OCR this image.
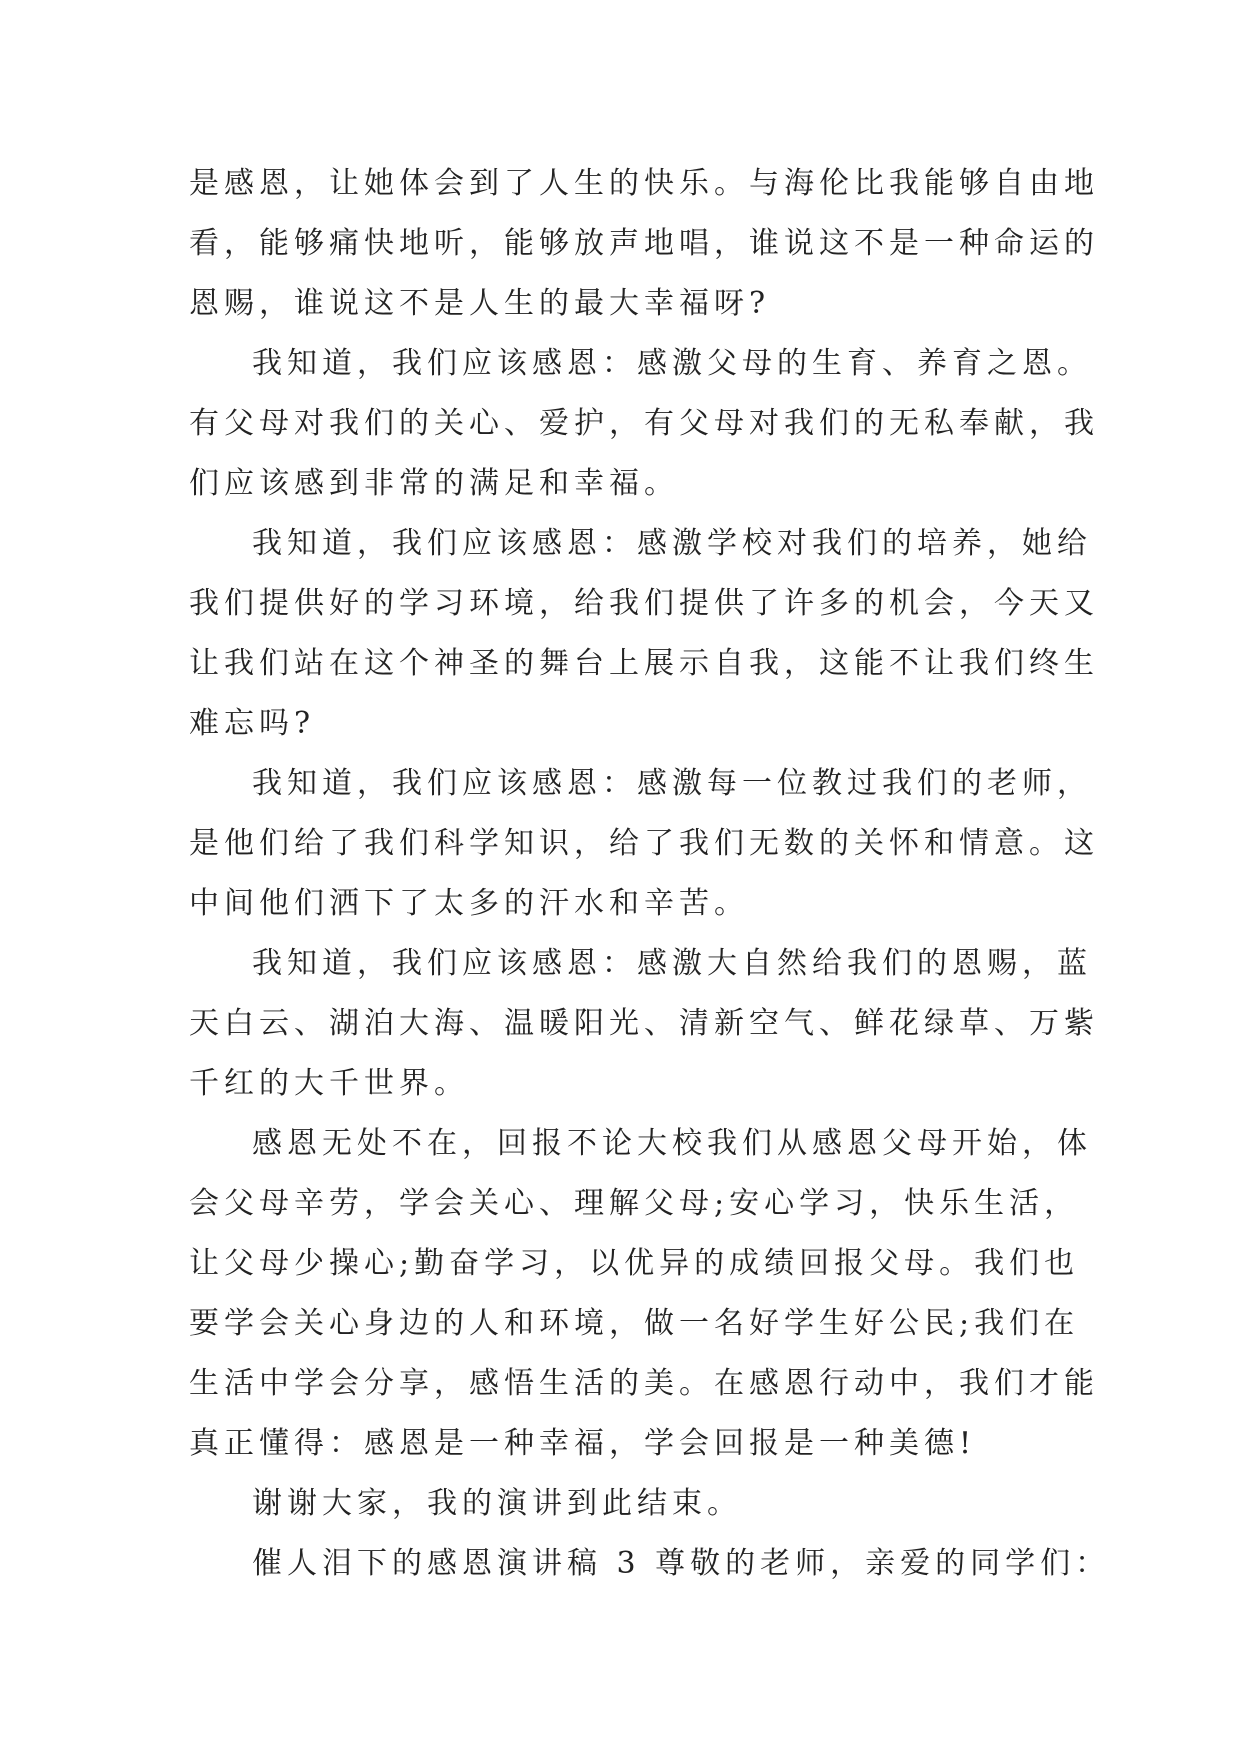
是感恩，让她体会到了人生的快乐。与海伦比我能够自由地

看，能够痛快地听，能够放声地唱，谁说这不是一种命运的

恩赐，谁说这不是人生的最大幸福呀?

我知道，我们应该感恩：感激父母的生育、养育之恩。

有父母对我们的关心、爱护，有父母对我们的无私奉献，我

们应该感到非常的满足和幸福。

我知道，我们应该感恩：感激学校对我们的培养，她给

我们提供好的学习环境，给我们提供了许多的机会，今天又

让我们站在这个神圣的舞台上展示自我，这能不让我们终生

难忘吗?

我知道，我们应该感恩：感激每一位教过我们的老师，

是他们给了我们科学知识，给了我们无数的关怀和情意。这

中间他们洒下了太多的汗水和辛苦。

我知道，我们应该感恩：感激大自然给我们的恩赐，蓝

天白云、湖泊大海、温暖阳光、清新空气、鲜花绿草、万紫

千红的大千世界。

感恩无处不在，回报不论大校我们从感恩父母开始，体

会父母辛劳，学会关心、理解父母;安心学习，快乐生活，

让父母少操心;勤奋学习，以优异的成绩回报父母。我们也

要学会关心身边的人和环境，做一名好学生好公民;我们在

生活中学会分享，感悟生活的美。在感恩行动中，我们才能

真正懂得：感恩是一种幸福，学会回报是一种美德!

谢谢大家，我的演讲到此结束。

催人泪下的感恩演讲稿 3 尊敬的老师，亲爱的同学们：
